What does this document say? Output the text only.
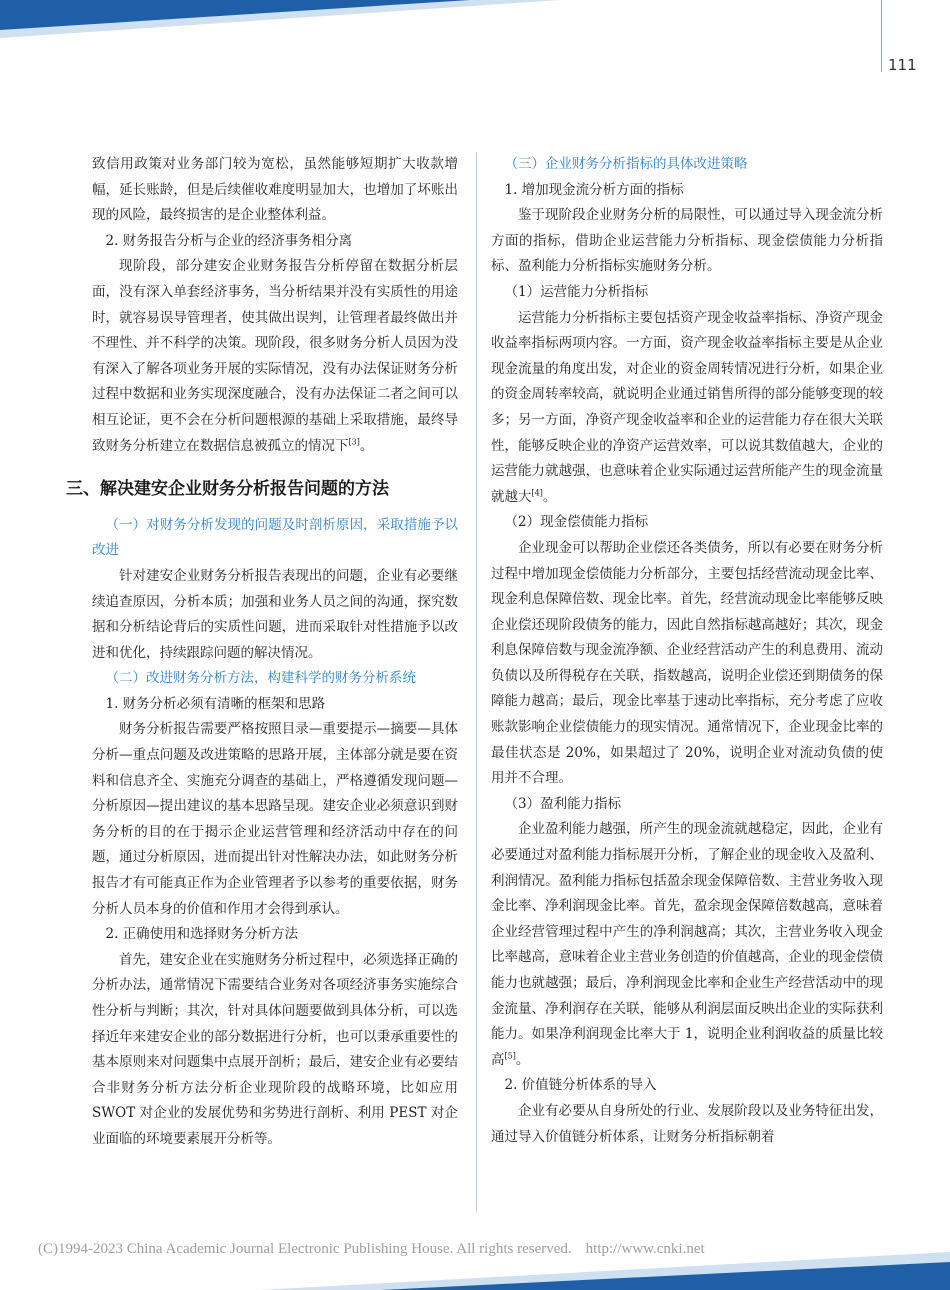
111

致信用政策对业务部门较为宽松，虽然能够短期扩大收款增幅，延长账龄，但是后续催收难度明显加大，也增加了坏账出现的风险，最终损害的是企业整体利益。

2. 财务报告分析与企业的经济事务相分离

现阶段，部分建安企业财务报告分析停留在数据分析层面，没有深入单套经济事务，当分析结果并没有实质性的用途时，就容易误导管理者，使其做出误判，让管理者最终做出并不理性、并不科学的决策。现阶段，很多财务分析人员因为没有深入了解各项业务开展的实际情况，没有办法保证财务分析过程中数据和业务实现深度融合，没有办法保证二者之间可以相互论证，更不会在分析问题根源的基础上采取措施，最终导致财务分析建立在数据信息被孤立的情况下[3]。

三、解决建安企业财务分析报告问题的方法

（一）对财务分析发现的问题及时剖析原因，采取措施予以改进

针对建安企业财务分析报告表现出的问题，企业有必要继续追查原因，分析本质；加强和业务人员之间的沟通，探究数据和分析结论背后的实质性问题，进而采取针对性措施予以改进和优化，持续跟踪问题的解决情况。

（二）改进财务分析方法，构建科学的财务分析系统

1. 财务分析必须有清晰的框架和思路

财务分析报告需要严格按照目录—重要提示—摘要—具体分析—重点问题及改进策略的思路开展，主体部分就是要在资料和信息齐全、实施充分调查的基础上，严格遵循发现问题—分析原因—提出建议的基本思路呈现。建安企业必须意识到财务分析的目的在于揭示企业运营管理和经济活动中存在的问题，通过分析原因，进而提出针对性解决办法，如此财务分析报告才有可能真正作为企业管理者予以参考的重要依据，财务分析人员本身的价值和作用才会得到承认。

2. 正确使用和选择财务分析方法

首先，建安企业在实施财务分析过程中，必须选择正确的分析办法，通常情况下需要结合业务对各项经济事务实施综合性分析与判断；其次，针对具体问题要做到具体分析，可以选择近年来建安企业的部分数据进行分析，也可以秉承重要性的基本原则来对问题集中点展开剖析；最后，建安企业有必要结合非财务分析方法分析企业现阶段的战略环境，比如应用 SWOT 对企业的发展优势和劣势进行剖析、利用 PEST 对企业面临的环境要素展开分析等。

（三）企业财务分析指标的具体改进策略

1. 增加现金流分析方面的指标

鉴于现阶段企业财务分析的局限性，可以通过导入现金流分析方面的指标，借助企业运营能力分析指标、现金偿债能力分析指标、盈利能力分析指标实施财务分析。

（1）运营能力分析指标

运营能力分析指标主要包括资产现金收益率指标、净资产现金收益率指标两项内容。一方面，资产现金收益率指标主要是从企业现金流量的角度出发，对企业的资金周转情况进行分析，如果企业的资金周转率较高，就说明企业通过销售所得的部分能够变现的较多；另一方面，净资产现金收益率和企业的运营能力存在很大关联性，能够反映企业的净资产运营效率，可以说其数值越大，企业的运营能力就越强，也意味着企业实际通过运营所能产生的现金流量就越大[4]。

（2）现金偿债能力指标

企业现金可以帮助企业偿还各类债务，所以有必要在财务分析过程中增加现金偿债能力分析部分，主要包括经营流动现金比率、现金利息保障倍数、现金比率。首先，经营流动现金比率能够反映企业偿还现阶段债务的能力，因此自然指标越高越好；其次，现金利息保障倍数与现金流净额、企业经营活动产生的利息费用、流动负债以及所得税存在关联，指数越高，说明企业偿还到期债务的保障能力越高；最后，现金比率基于速动比率指标，充分考虑了应收账款影响企业偿债能力的现实情况。通常情况下，企业现金比率的最佳状态是 20%，如果超过了 20%，说明企业对流动负债的使用并不合理。

（3）盈利能力指标

企业盈利能力越强，所产生的现金流就越稳定，因此，企业有必要通过对盈利能力指标展开分析，了解企业的现金收入及盈利、利润情况。盈利能力指标包括盈余现金保障倍数、主营业务收入现金比率、净利润现金比率。首先，盈余现金保障倍数越高，意味着企业经营管理过程中产生的净利润越高；其次，主营业务收入现金比率越高，意味着企业主营业务创造的价值越高，企业的现金偿债能力也就越强；最后，净利润现金比率和企业生产经营活动中的现金流量、净利润存在关联，能够从利润层面反映出企业的实际获利能力。如果净利润现金比率大于 1，说明企业利润收益的质量比较高[5]。

2. 价值链分析体系的导入

企业有必要从自身所处的行业、发展阶段以及业务特征出发，通过导入价值链分析体系，让财务分析指标朝着

(C)1994-2023 China Academic Journal Electronic Publishing House. All rights reserved. http://www.cnki.net
